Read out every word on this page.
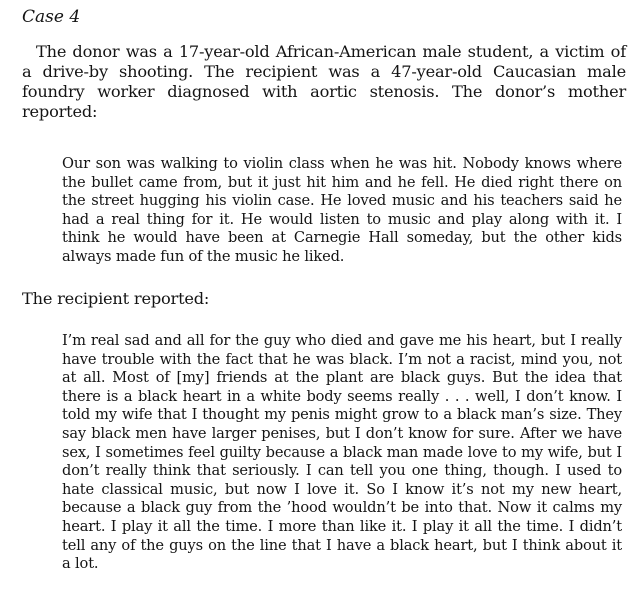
Case 4
The donor was a 17-year-old African-American male student, a victim of a drive-by shooting. The recipient was a 47-year-old Caucasian male foundry worker diagnosed with aortic stenosis. The donor’s mother reported:
Our son was walking to violin class when he was hit. Nobody knows where the bullet came from, but it just hit him and he fell. He died right there on the street hugging his violin case. He loved music and his teachers said he had a real thing for it. He would listen to music and play along with it. I think he would have been at Carnegie Hall someday, but the other kids always made fun of the music he liked.
The recipient reported:
I’m real sad and all for the guy who died and gave me his heart, but I really have trouble with the fact that he was black. I’m not a racist, mind you, not at all. Most of [my] friends at the plant are black guys. But the idea that there is a black heart in a white body seems really . . . well, I don’t know. I told my wife that I thought my penis might grow to a black man’s size. They say black men have larger penises, but I don’t know for sure. After we have sex, I sometimes feel guilty because a black man made love to my wife, but I don’t really think that seriously. I can tell you one thing, though. I used to hate classical music, but now I love it. So I know it’s not my new heart, because a black guy from the ’hood wouldn’t be into that. Now it calms my heart. I play it all the time. I more than like it. I play it all the time. I didn’t tell any of the guys on the line that I have a black heart, but I think about it a lot.
